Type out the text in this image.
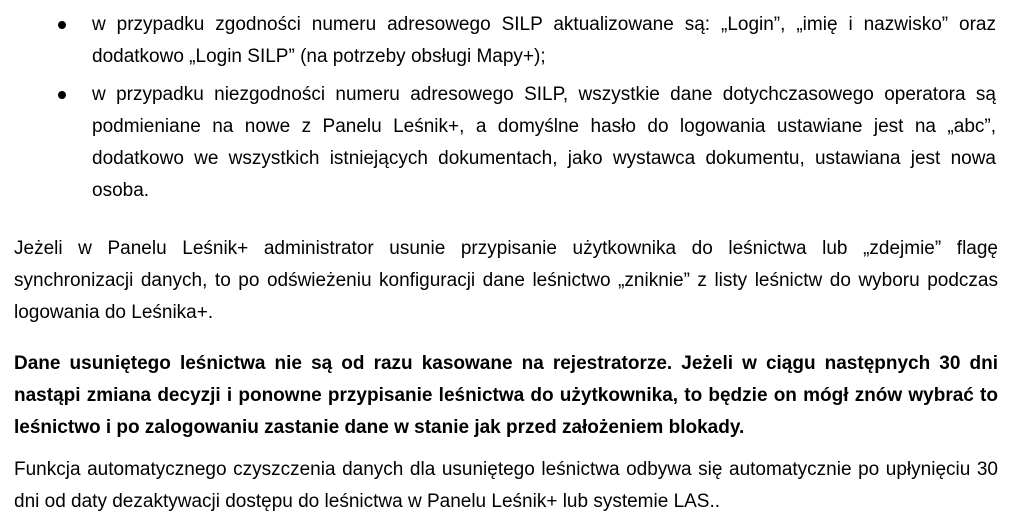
w przypadku zgodności numeru adresowego SILP aktualizowane są: „Login”, „imię i nazwisko” oraz dodatkowo „Login SILP” (na potrzeby obsługi Mapy+);
w przypadku niezgodności numeru adresowego SILP, wszystkie dane dotychczasowego operatora są podmieniane na nowe z Panelu Leśnik+, a domyślne hasło do logowania ustawiane jest na „abc”, dodatkowo we wszystkich istniejących dokumentach, jako wystawca dokumentu, ustawiana jest nowa osoba.

Jeżeli w Panelu Leśnik+ administrator usunie przypisanie użytkownika do leśnictwa lub „zdejmie” flagę synchronizacji danych, to po odświeżeniu konfiguracji dane leśnictwo „zniknie” z listy leśnictw do wyboru podczas logowania do Leśnika+.

Dane usuniętego leśnictwa nie są od razu kasowane na rejestratorze. Jeżeli w ciągu następnych 30 dni nastąpi zmiana decyzji i ponowne przypisanie leśnictwa do użytkownika, to będzie on mógł znów wybrać to leśnictwo i po zalogowaniu zastanie dane w stanie jak przed założeniem blokady.

Funkcja automatycznego czyszczenia danych dla usuniętego leśnictwa odbywa się automatycznie po upłynięciu 30 dni od daty dezaktywacji dostępu do leśnictwa w Panelu Leśnik+ lub systemie LAS..
